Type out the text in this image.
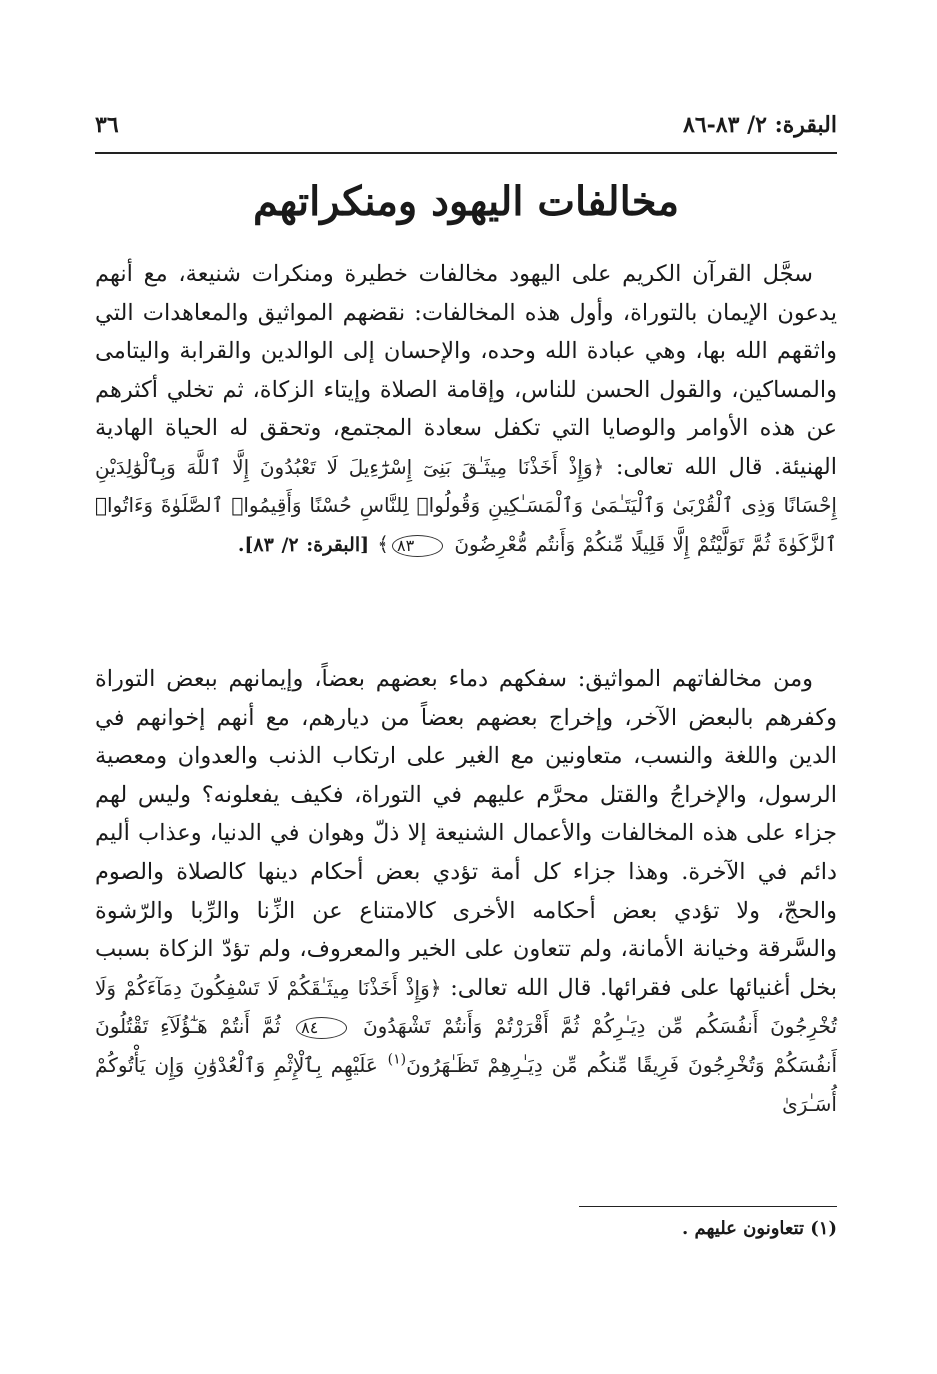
البقرة: ٢/ ٨٣-٨٦
٣٦
مخالفات اليهود ومنكراتهم

سجَّل القرآن الكريم على اليهود مخالفات خطيرة ومنكرات شنيعة، مع أنهم يدعون الإيمان بالتوراة، وأول هذه المخالفات: نقضهم المواثيق والمعاهدات التي واثقهم الله بها، وهي عبادة الله وحده، والإحسان إلى الوالدين والقرابة واليتامى والمساكين، والقول الحسن للناس، وإقامة الصلاة وإيتاء الزكاة، ثم تخلي أكثرهم عن هذه الأوامر والوصايا التي تكفل سعادة المجتمع، وتحقق له الحياة الهادية الهنيئة. قال الله تعالى: ﴿وَإِذْ أَخَذْنَا مِيثَـٰقَ بَنِىٓ إِسْرَٰٓءِيلَ لَا تَعْبُدُونَ إِلَّا ٱللَّهَ وَبِٱلْوَٰلِدَيْنِ إِحْسَانًا وَذِى ٱلْقُرْبَىٰ وَٱلْيَتَـٰمَىٰ وَٱلْمَسَـٰكِينِ وَقُولُوا۟ لِلنَّاسِ حُسْنًا وَأَقِيمُوا۟ ٱلصَّلَوٰةَ وَءَاتُوا۟ ٱلزَّكَوٰةَ ثُمَّ تَوَلَّيْتُمْ إِلَّا قَلِيلًا مِّنكُمْ وَأَنتُم مُّعْرِضُونَ ٨٣﴾ [البقرة: ٢/ ٨٣].

ومن مخالفاتهم المواثيق: سفكهم دماء بعضهم بعضاً، وإيمانهم ببعض التوراة وكفرهم بالبعض الآخر، وإخراج بعضهم بعضاً من ديارهم، مع أنهم إخوانهم في الدين واللغة والنسب، متعاونين مع الغير على ارتكاب الذنب والعدوان ومعصية الرسول، والإخراجُ والقتل محرَّم عليهم في التوراة، فكيف يفعلونه؟ وليس لهم جزاء على هذه المخالفات والأعمال الشنيعة إلا ذلّ وهوان في الدنيا، وعذاب أليم دائم في الآخرة. وهذا جزاء كل أمة تؤدي بعض أحكام دينها كالصلاة والصوم والحجّ، ولا تؤدي بعض أحكامه الأخرى كالامتناع عن الزِّنا والرِّبا والرّشوة والسَّرقة وخيانة الأمانة، ولم تتعاون على الخير والمعروف، ولم تؤدّ الزكاة بسبب بخل أغنيائها على فقرائها. قال الله تعالى: ﴿وَإِذْ أَخَذْنَا مِيثَـٰقَكُمْ لَا تَسْفِكُونَ دِمَآءَكُمْ وَلَا تُخْرِجُونَ أَنفُسَكُم مِّن دِيَـٰرِكُمْ ثُمَّ أَقْرَرْتُمْ وَأَنتُمْ تَشْهَدُونَ ٨٤ ثُمَّ أَنتُمْ هَـٰٓؤُلَآءِ تَقْتُلُونَ أَنفُسَكُمْ وَتُخْرِجُونَ فَرِيقًا مِّنكُم مِّن دِيَـٰرِهِمْ تَظَـٰهَرُونَ$^{(١)}$ عَلَيْهِم بِٱلْإِثْمِ وَٱلْعُدْوَٰنِ وَإِن يَأْتُوكُمْ أُسَـٰرَىٰ

(١) تتعاونون عليهم .
